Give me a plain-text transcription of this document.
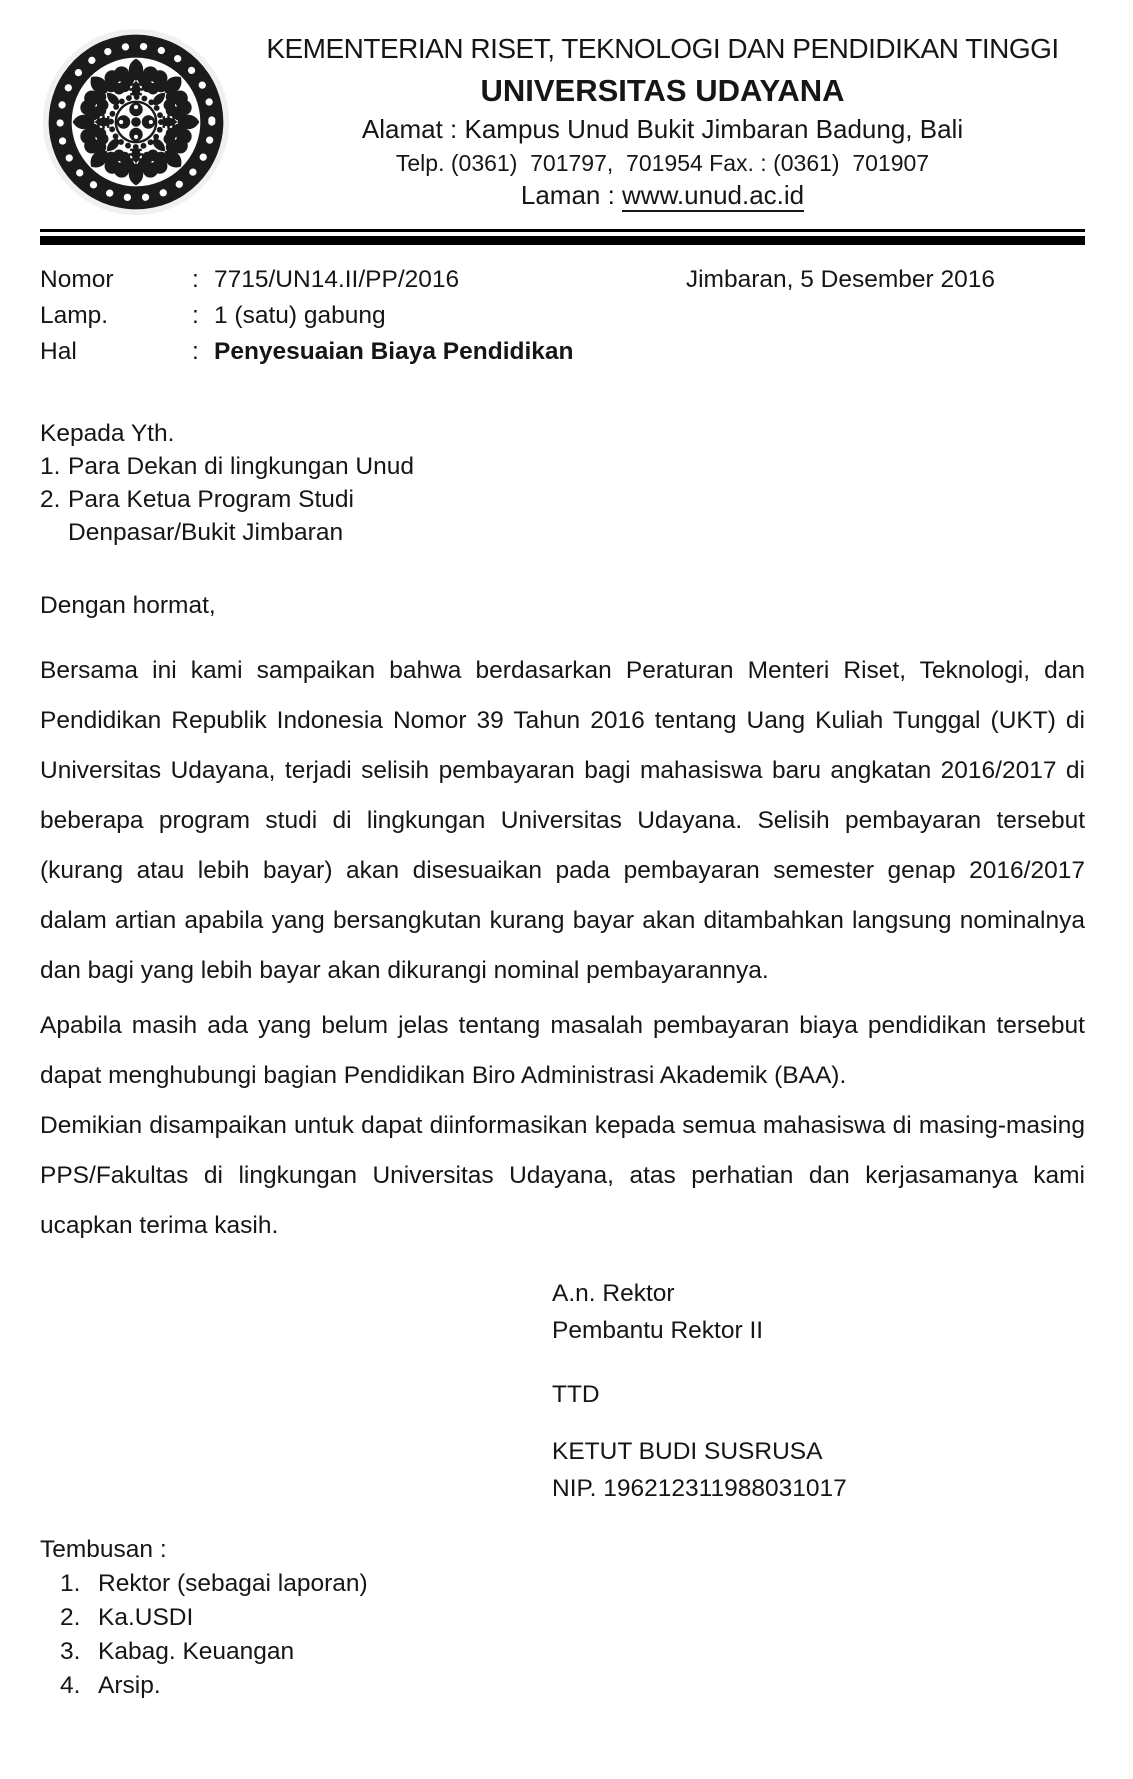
KEMENTERIAN RISET, TEKNOLOGI DAN PENDIDIKAN TINGGI
UNIVERSITAS UDAYANA
Alamat : Kampus Unud Bukit Jimbaran Badung, Bali
Telp. (0361)  701797,  701954 Fax. : (0361)  701907
Laman : www.unud.ac.id
Nomor	: 7715/UN14.II/PP/2016	Jimbaran, 5 Desember 2016
Lamp.	: 1 (satu) gabung
Hal	: Penyesuaian Biaya Pendidikan
Kepada Yth.
1. Para Dekan di lingkungan Unud
2. Para Ketua Program Studi
Denpasar/Bukit Jimbaran

Dengan hormat,

Bersama ini kami sampaikan bahwa berdasarkan Peraturan Menteri Riset, Teknologi, dan Pendidikan Republik Indonesia Nomor 39 Tahun 2016 tentang Uang Kuliah Tunggal (UKT) di Universitas Udayana, terjadi selisih pembayaran bagi mahasiswa baru angkatan 2016/2017 di beberapa program studi di lingkungan Universitas Udayana. Selisih pembayaran tersebut (kurang atau lebih bayar) akan disesuaikan pada pembayaran semester genap 2016/2017 dalam artian apabila yang bersangkutan kurang bayar akan ditambahkan langsung nominalnya dan bagi yang lebih bayar akan dikurangi nominal pembayarannya.

Apabila masih ada yang belum jelas tentang masalah pembayaran biaya pendidikan tersebut dapat menghubungi bagian Pendidikan Biro Administrasi Akademik (BAA).

Demikian disampaikan untuk dapat diinformasikan kepada semua mahasiswa di masing-masing PPS/Fakultas di lingkungan Universitas Udayana, atas perhatian dan kerjasamanya kami ucapkan terima kasih.

A.n. Rektor
Pembantu Rektor II
TTD
KETUT BUDI SUSRUSA
NIP. 196212311988031017
Tembusan :
1. Rektor (sebagai laporan)
2. Ka.USDI
3. Kabag. Keuangan
4. Arsip.
